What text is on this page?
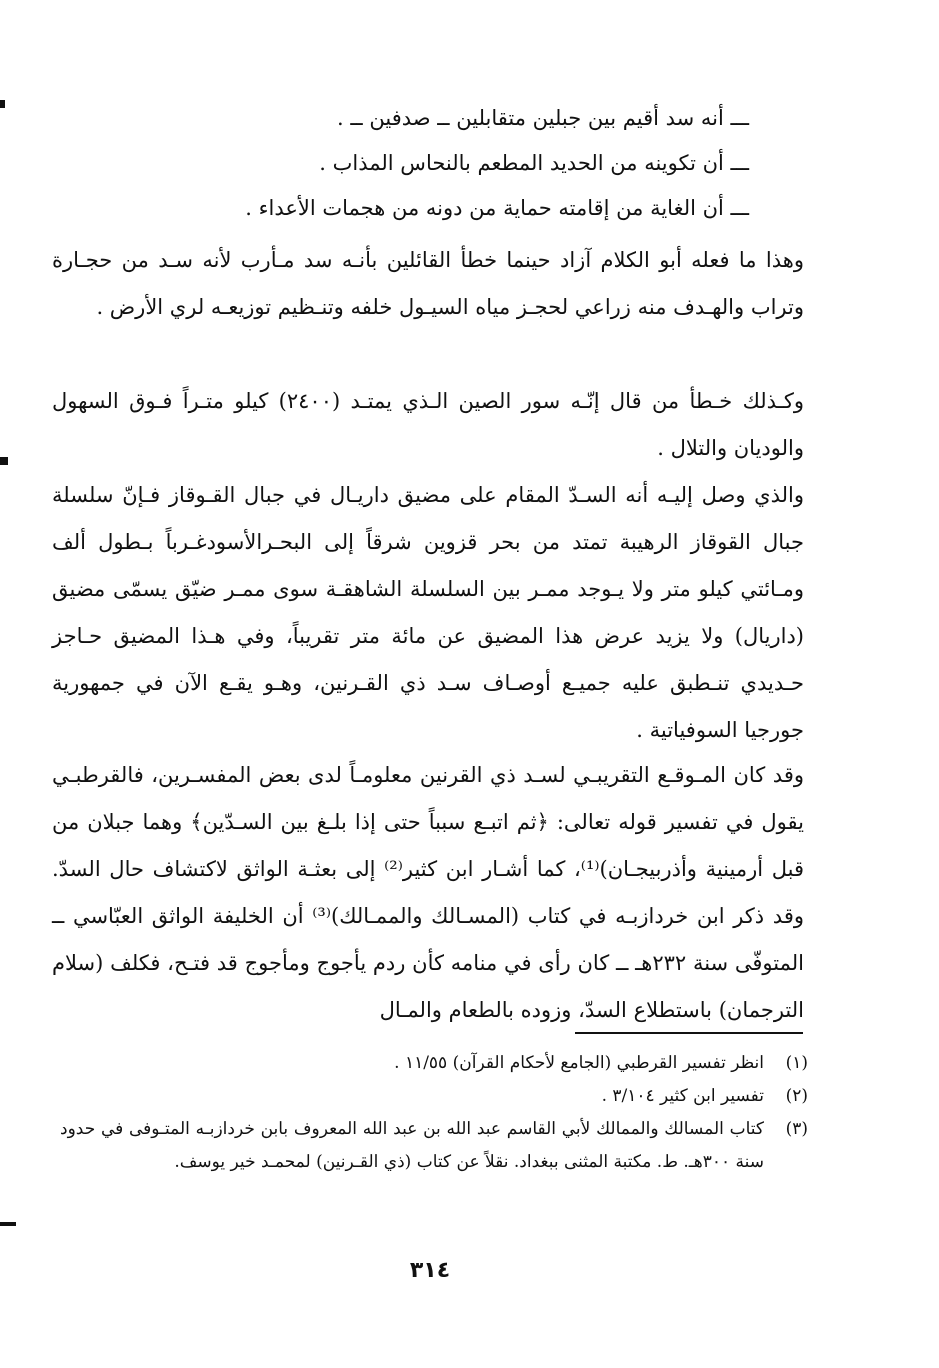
ـــ أنه سد أقيم بين جبلين متقابلين ــ صدفين ــ .

ـــ أن تكوينه من الحديد المطعم بالنحاس المذاب .

ـــ أن الغاية من إقامته حماية من دونه من هجمات الأعداء .

وهذا ما فعله أبو الكلام آزاد حينما خطأ القائلين بأنـه سد مـأرب لأنه سـد من حجـارة وتراب والهـدف منه زراعي لحجـز مياه السيـول خلفه وتنـظيم توزيعـه لري الأرض .

وكـذلك خـطأ من قال إنّـه سور الصين الـذي يمتـد (٢٤٠٠) كيلو متـراً فـوق السهول والوديان والتلال .

والذي وصل إليـه أنه السـدّ المقام على مضيق داريـال في جبال القـوقاز فـإنّ سلسلة جبال القوقاز الرهيبة تمتد من بحر قزوين شرقاً إلى البحـرالأسودغـرباً بـطول ألف ومـائتي كيلو متر ولا يـوجد ممـر بين السلسلة الشاهقـة سوى ممـر ضيّق يسمّى مضيق (داريال) ولا يزيد عرض هذا المضيق عن مائة متر تقريباً، وفي هـذا المضيق حـاجز حـديدي تنـطبق عليه جميـع أوصـاف سـد ذي القـرنين، وهـو يقـع الآن في جمهورية جورجيا السوفياتية .

وقد كان المـوقـع التقريبـي لسـد ذي القرنين معلومـاً لدى بعض المفسـرين، فالقرطبـي يقول في تفسير قوله تعالى: ﴿ثم اتبـع سبباً حتى إذا بلـغ بين السـدّين﴾ وهما جبلان من قبل أرمينية وأذربيجـان)⁽¹⁾، كما أشـار ابن كثير⁽²⁾ إلى بعثـة الواثق لاكتشاف حال السدّ. وقد ذكر ابن خردازبـه في كتاب (المسـالك والممـالك)⁽³⁾ أن الخليفة الواثق العبّاسي ــ المتوفّى سنة ٢٣٢هـ ــ كان رأى في منامه كأن ردم يأجوج ومأجوج قد فتـح، فكلف (سلام الترجمان) باستطلاع السدّ، وزوده بالطعام والمـال

(١)
انظر تفسير القرطبي (الجامع لأحكام القرآن) ١١/٥٥ .
(٢)
تفسير ابن كثير ٣/١٠٤ .
(٣)
كتاب المسالك والممالك لأبي القاسم عبد الله بن عبد الله المعروف بابن خردازبـه المتـوفى في حدود سنة ٣٠٠هـ. ط. مكتبة المثنى ببغداد. نقلاً عن كتاب (ذي القـرنين) لمحمـد خير يوسف.
٣١٤
